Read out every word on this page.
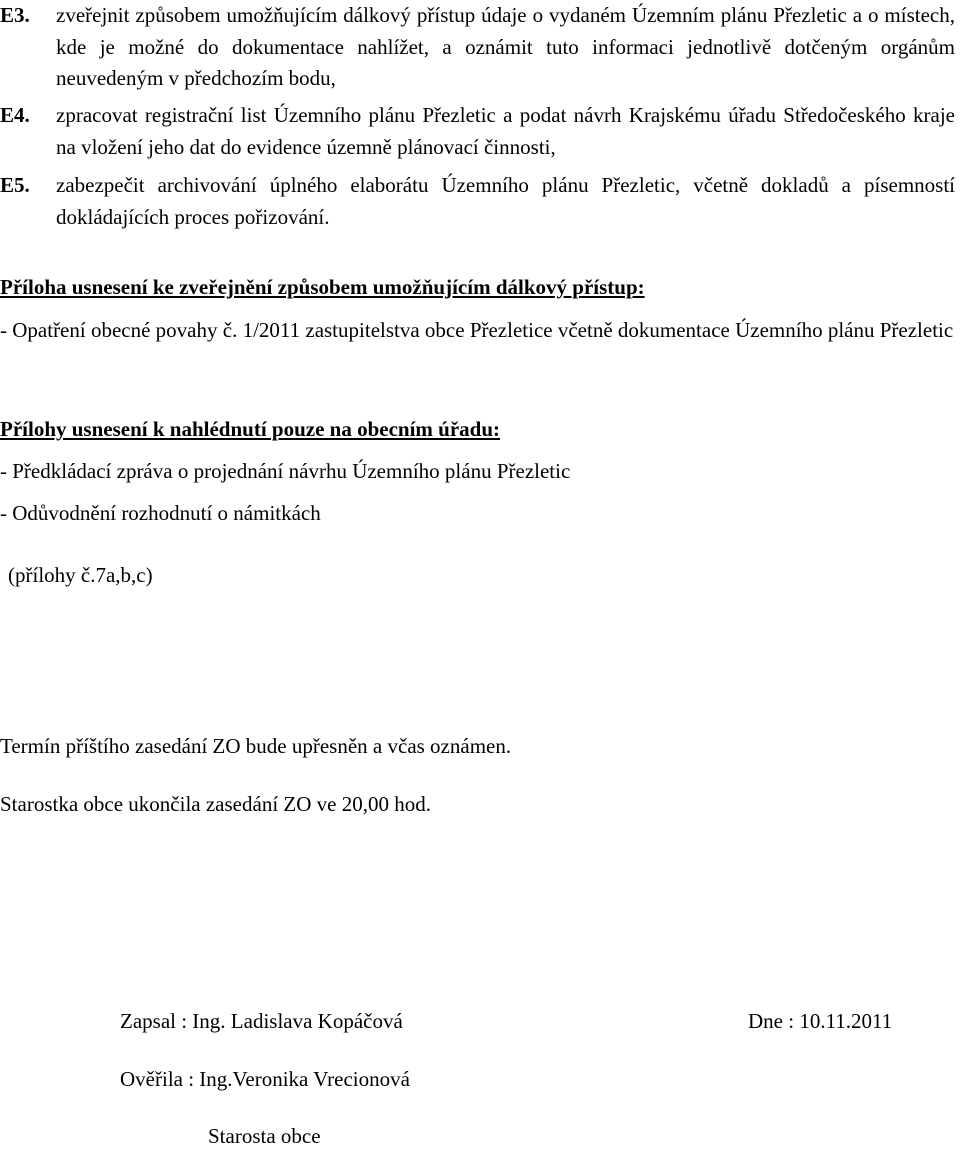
E3. zveřejnit způsobem umožňujícím dálkový přístup údaje o vydaném Územním plánu Přezletic a o místech, kde je možné do dokumentace nahlížet, a oznámit tuto informaci jednotlivě dotčeným orgánům neuvedeným v předchozím bodu,
E4. zpracovat registrační list Územního plánu Přezletic a podat návrh Krajskému úřadu Středočeského kraje na vložení jeho dat do evidence územně plánovací činnosti,
E5. zabezpečit archivování úplného elaborátu Územního plánu Přezletic, včetně dokladů a písemností dokládajících proces pořizování.
Příloha usnesení ke zveřejnění způsobem umožňujícím dálkový přístup:
- Opatření obecné povahy č. 1/2011 zastupitelstva obce Přezletice včetně dokumentace Územního plánu Přezletic
Přílohy usnesení k nahlédnutí pouze na obecním úřadu:
- Předkládací zpráva o projednání návrhu Územního plánu Přezletic
- Odůvodnění rozhodnutí o námitkách
(přílohy č.7a,b,c)
Termín příštího zasedání ZO bude upřesněn a včas oznámen.
Starostka obce ukončila zasedání ZO ve 20,00 hod.
Zapsal : Ing. Ladislava Kopáčová	Dne : 10.11.2011
Ověřila : Ing.Veronika Vrecionová
Starosta obce
